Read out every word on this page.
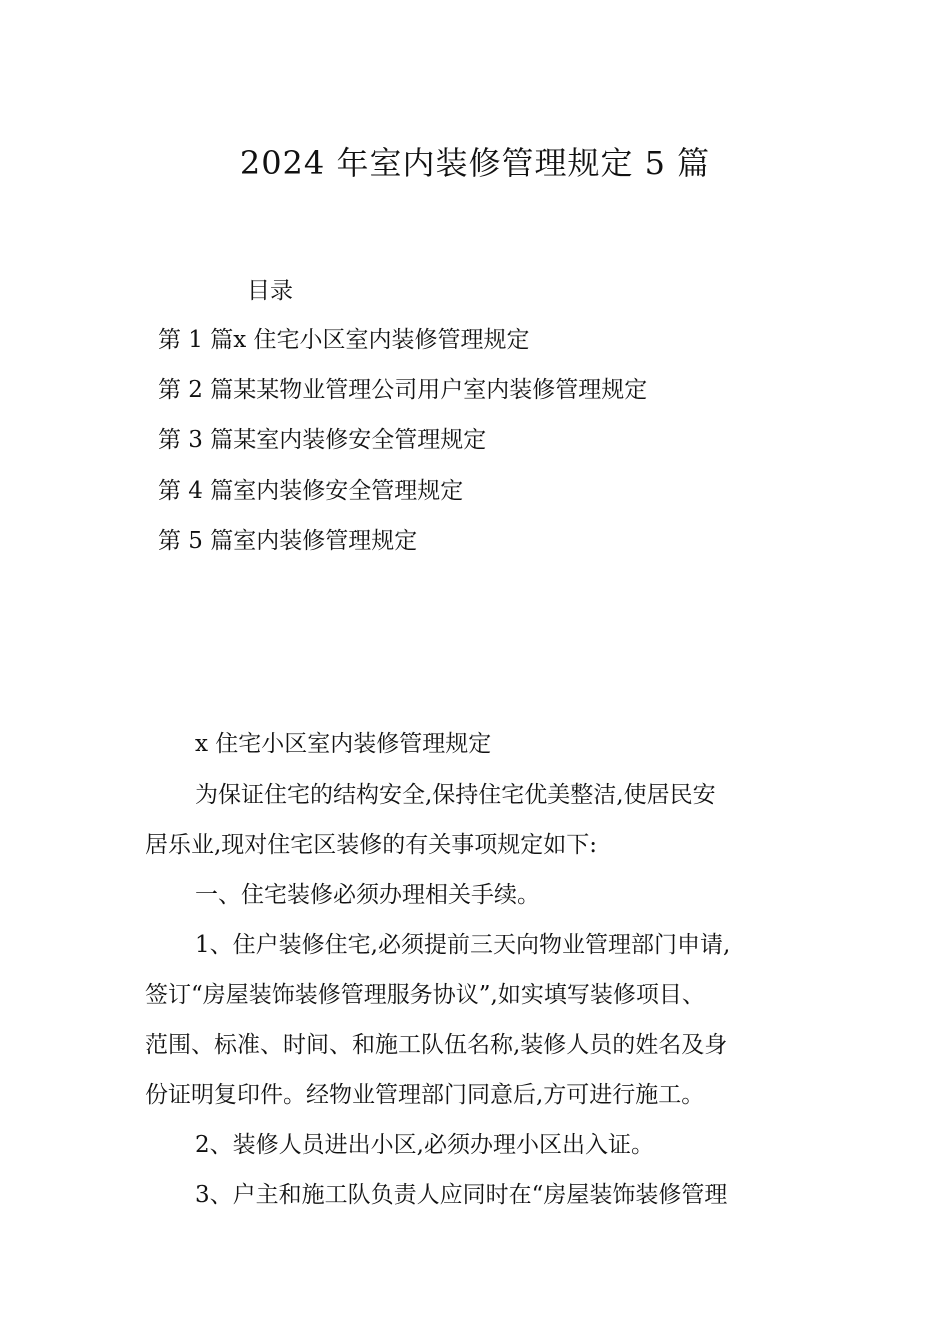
2024 年室内装修管理规定 5 篇
目录
第 1 篇x 住宅小区室内装修管理规定
第 2 篇某某物业管理公司用户室内装修管理规定
第 3 篇某室内装修安全管理规定
第 4 篇室内装修安全管理规定
第 5 篇室内装修管理规定
x 住宅小区室内装修管理规定
为保证住宅的结构安全,保持住宅优美整洁,使居民安
居乐业,现对住宅区装修的有关事项规定如下:
一、住宅装修必须办理相关手续。
1、住户装修住宅,必须提前三天向物业管理部门申请,
签订“房屋装饰装修管理服务协议”,如实填写装修项目、
范围、标准、时间、和施工队伍名称,装修人员的姓名及身
份证明复印件。经物业管理部门同意后,方可进行施工。
2、装修人员进出小区,必须办理小区出入证。
3、户主和施工队负责人应同时在“房屋装饰装修管理
